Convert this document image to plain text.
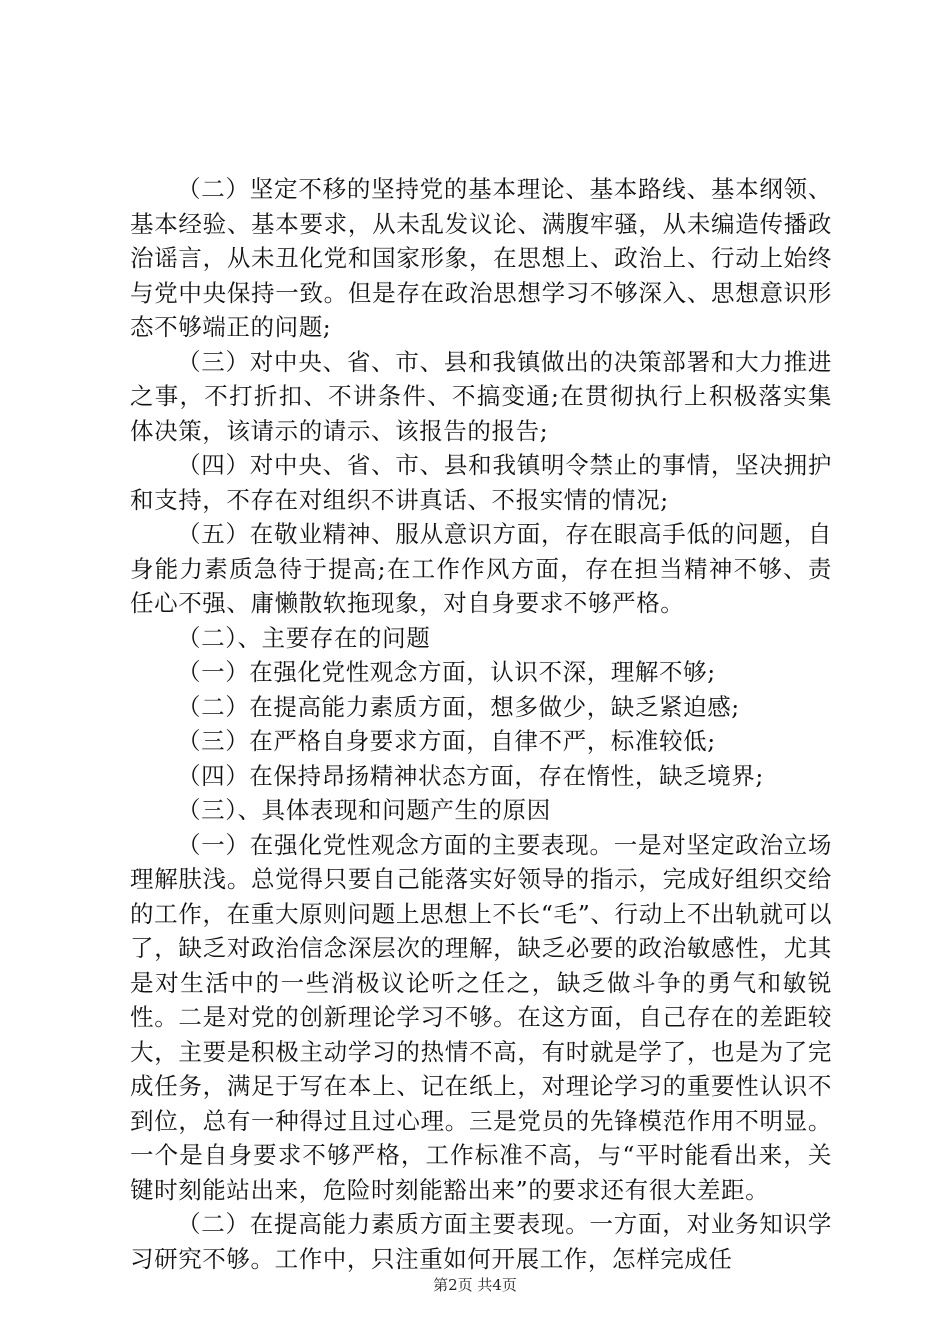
（二）坚定不移的坚持党的基本理论、基本路线、基本纲领、基本经验、基本要求，从未乱发议论、满腹牢骚，从未编造传播政治谣言，从未丑化党和国家形象，在思想上、政治上、行动上始终与党中央保持一致。但是存在政治思想学习不够深入、思想意识形态不够端正的问题;

（三）对中央、省、市、县和我镇做出的决策部署和大力推进之事，不打折扣、不讲条件、不搞变通;在贯彻执行上积极落实集体决策，该请示的请示、该报告的报告;

（四）对中央、省、市、县和我镇明令禁止的事情，坚决拥护和支持，不存在对组织不讲真话、不报实情的情况;

（五）在敬业精神、服从意识方面，存在眼高手低的问题，自身能力素质急待于提高;在工作作风方面，存在担当精神不够、责任心不强、庸懒散软拖现象，对自身要求不够严格。

（二）、主要存在的问题

（一）在强化党性观念方面，认识不深，理解不够;

（二）在提高能力素质方面，想多做少，缺乏紧迫感;

（三）在严格自身要求方面，自律不严，标准较低;

（四）在保持昂扬精神状态方面，存在惰性，缺乏境界;

（三）、具体表现和问题产生的原因

（一）在强化党性观念方面的主要表现。一是对坚定政治立场理解肤浅。总觉得只要自己能落实好领导的指示，完成好组织交给的工作，在重大原则问题上思想上不长“毛”、行动上不出轨就可以了，缺乏对政治信念深层次的理解，缺乏必要的政治敏感性，尤其是对生活中的一些消极议论听之任之，缺乏做斗争的勇气和敏锐性。二是对党的创新理论学习不够。在这方面，自己存在的差距较大，主要是积极主动学习的热情不高，有时就是学了，也是为了完成任务，满足于写在本上、记在纸上，对理论学习的重要性认识不到位，总有一种得过且过心理。三是党员的先锋模范作用不明显。一个是自身要求不够严格，工作标准不高，与“平时能看出来，关键时刻能站出来，危险时刻能豁出来”的要求还有很大差距。

（二）在提高能力素质方面主要表现。一方面，对业务知识学习研究不够。工作中，只注重如何开展工作，怎样完成任

第2页 共4页
